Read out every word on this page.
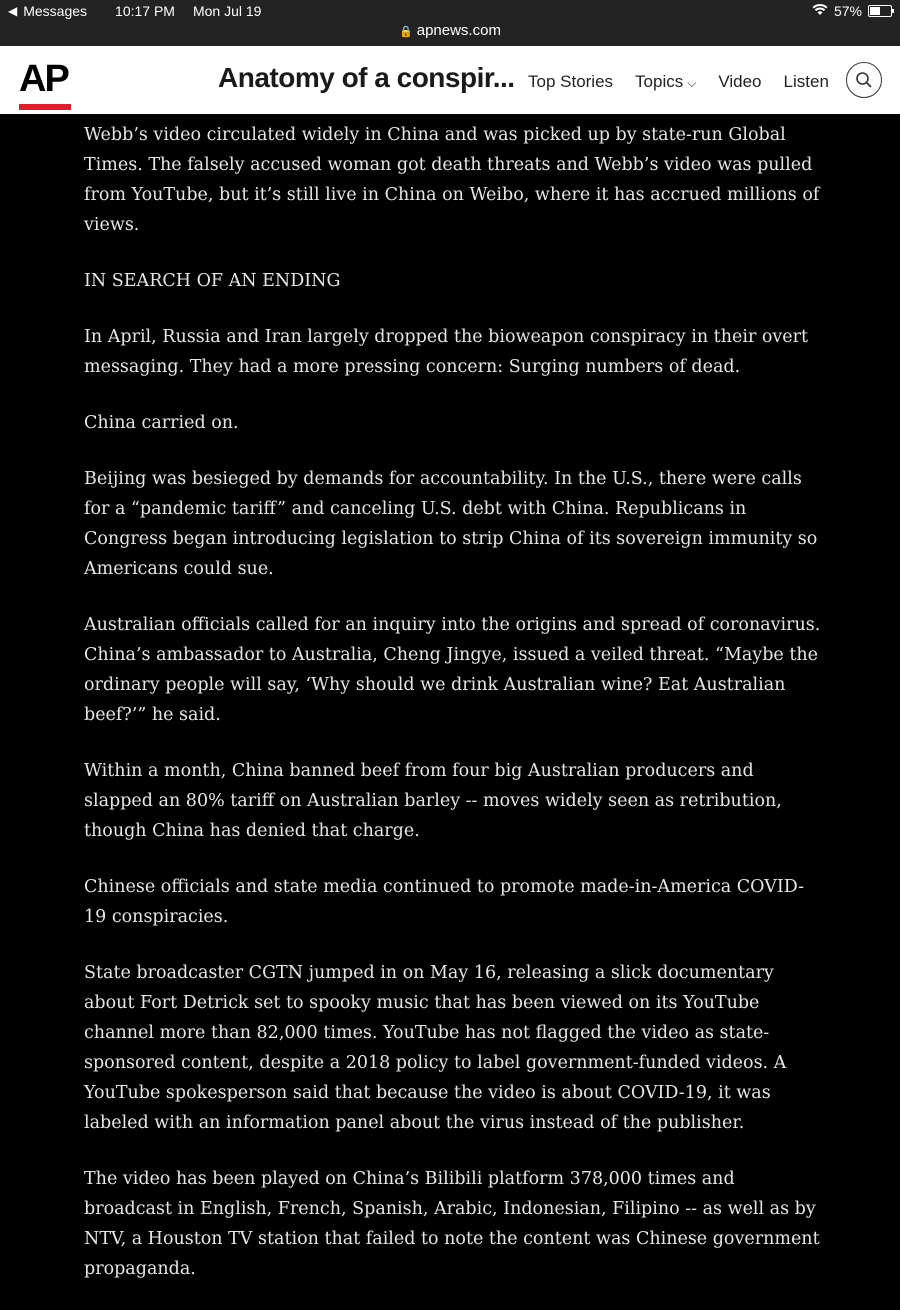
◀ Messages 10:17 PM Mon Jul 19	57%
🔒 apnews.com
AP	Anatomy of a conspir... Top Stories Topics ⌵ Video Listen

Webb’s video circulated widely in China and was picked up by state-run Global Times. The falsely accused woman got death threats and Webb’s video was pulled from YouTube, but it’s still live in China on Weibo, where it has accrued millions of views.

IN SEARCH OF AN ENDING

In April, Russia and Iran largely dropped the bioweapon conspiracy in their overt messaging. They had a more pressing concern: Surging numbers of dead.

China carried on.

Beijing was besieged by demands for accountability. In the U.S., there were calls for a “pandemic tariff” and canceling U.S. debt with China. Republicans in Congress began introducing legislation to strip China of its sovereign immunity so Americans could sue.

Australian officials called for an inquiry into the origins and spread of coronavirus. China’s ambassador to Australia, Cheng Jingye, issued a veiled threat. “Maybe the ordinary people will say, ‘Why should we drink Australian wine? Eat Australian beef?’” he said.

Within a month, China banned beef from four big Australian producers and slapped an 80% tariff on Australian barley -- moves widely seen as retribution, though China has denied that charge.

Chinese officials and state media continued to promote made-in-America COVID-19 conspiracies.

State broadcaster CGTN jumped in on May 16, releasing a slick documentary about Fort Detrick set to spooky music that has been viewed on its YouTube channel more than 82,000 times. YouTube has not flagged the video as state-sponsored content, despite a 2018 policy to label government-funded videos. A YouTube spokesperson said that because the video is about COVID-19, it was labeled with an information panel about the virus instead of the publisher.

The video has been played on China’s Bilibili platform 378,000 times and broadcast in English, French, Spanish, Arabic, Indonesian, Filipino -- as well as by NTV, a Houston TV station that failed to note the content was Chinese government propaganda.
